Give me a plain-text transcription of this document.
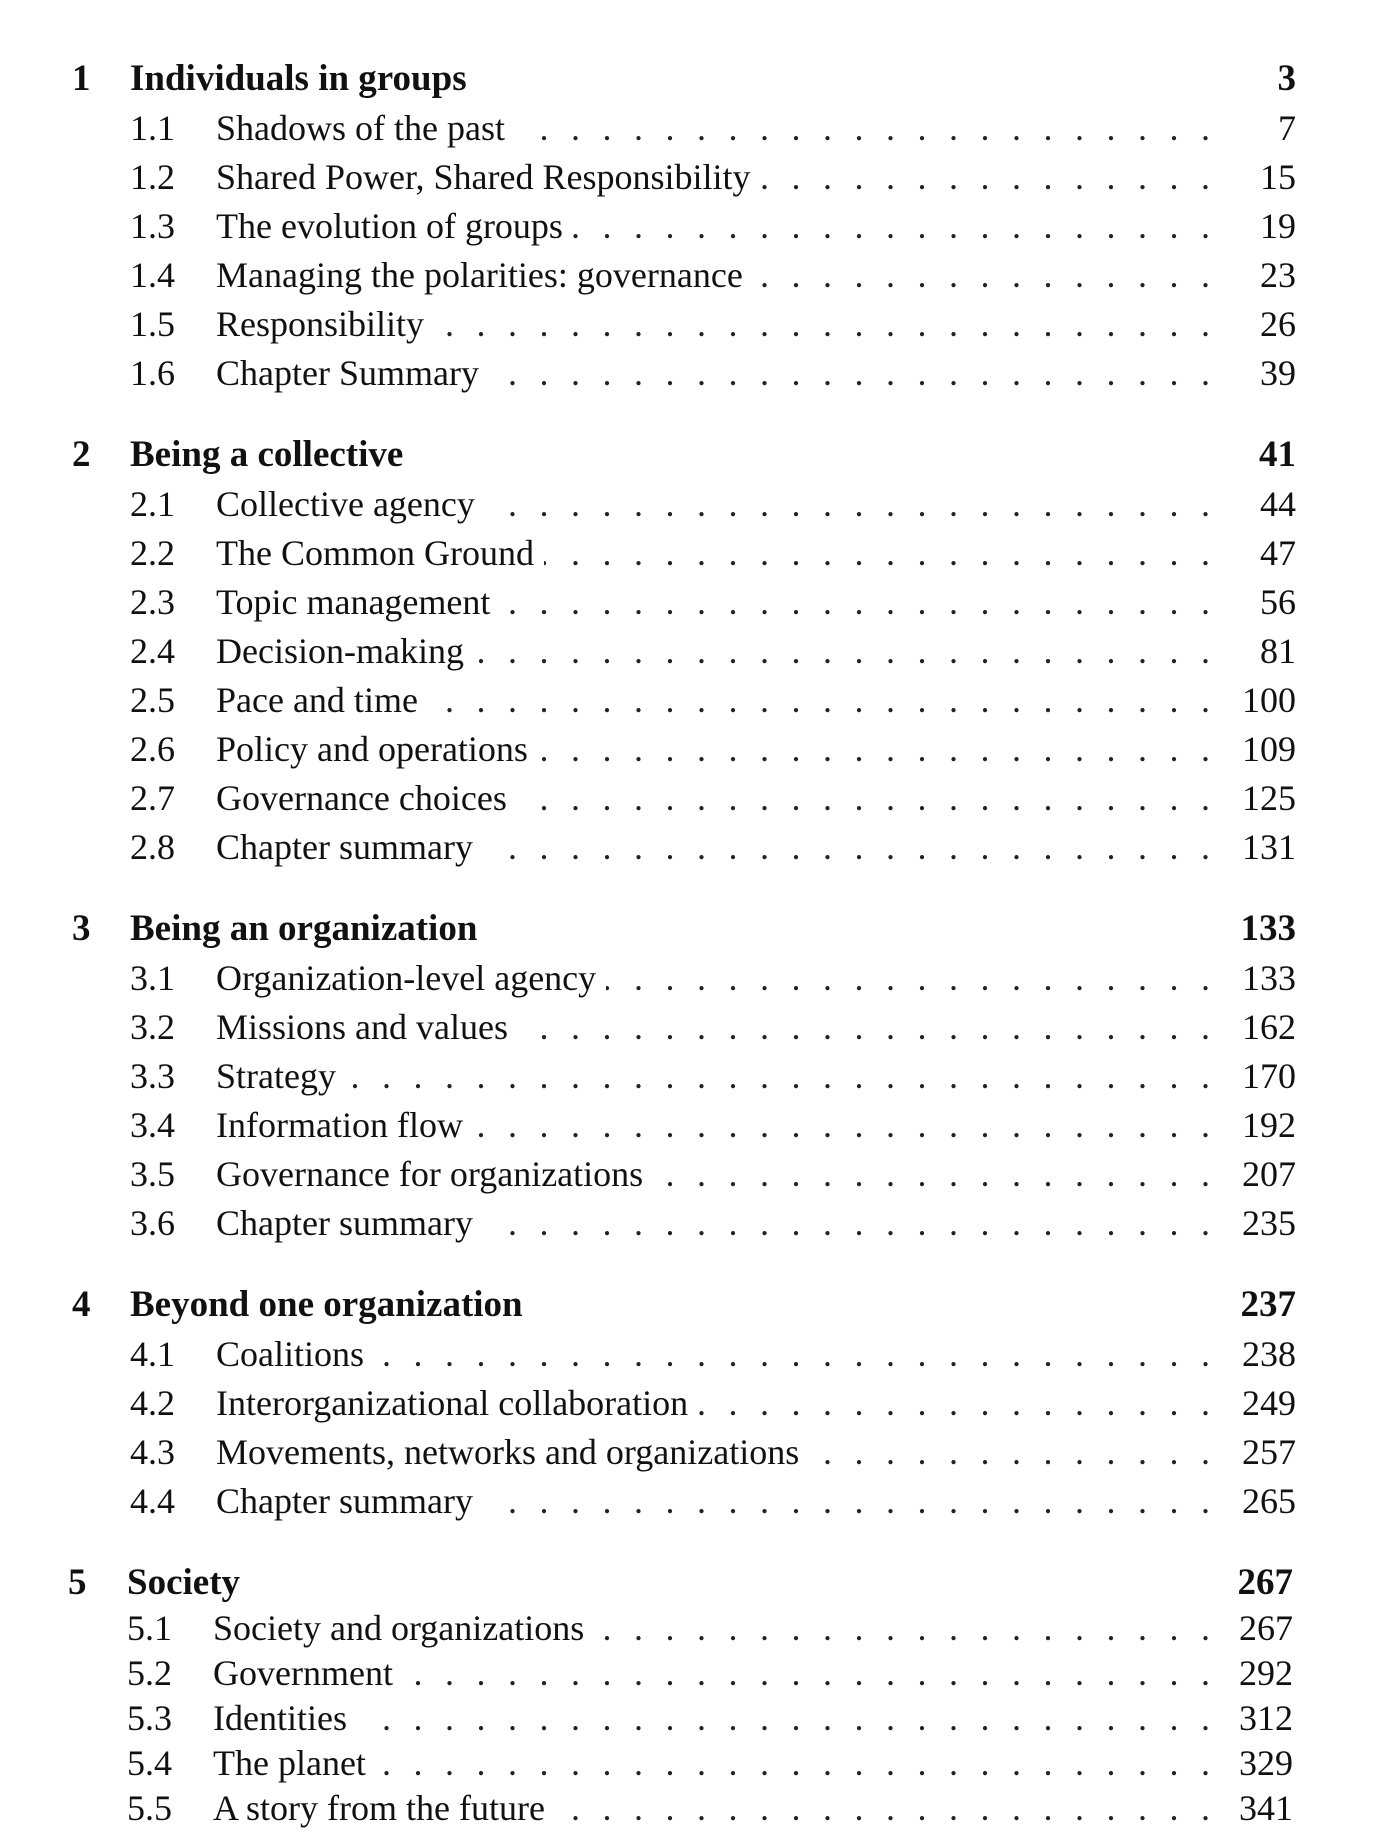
1 Individuals in groups	3
1.1 . . . Shadows of the past	7
1.2 . . . Shared Power, Shared Responsibility	15
1.3 . . . The evolution of groups	19
1.4 . . . Managing the polarities: governance	23
1.5 . . . Responsibility	26
1.6 . . . Chapter Summary	39
2 Being a collective	41
2.1 . . . Collective agency	44
2.2 . . . The Common Ground	47
2.3 . . . Topic management	56
2.4 . . . Decision-making	81
2.5 . . . Pace and time	100
2.6 . . . Policy and operations	109
2.7 . . . Governance choices	125
2.8 . . . Chapter summary	131
3 Being an organization	133
3.1 . . . Organization-level agency	133
3.2 . . . Missions and values	162
3.3 . . . Strategy	170
3.4 . . . Information flow	192
3.5 . . . Governance for organizations	207
3.6 . . . Chapter summary	235
4 Beyond one organization	237
4.1 . . . Coalitions	238
4.2 . . . Interorganizational collaboration	249
4.3 . . . Movements, networks and organizations	257
4.4 . . . Chapter summary	265
5 Society	267
5.1 . . . Society and organizations	267
5.2 . . . Government	292
5.3 . . . Identities	312
5.4 . . . The planet	329
5.5 . . . A story from the future	341
